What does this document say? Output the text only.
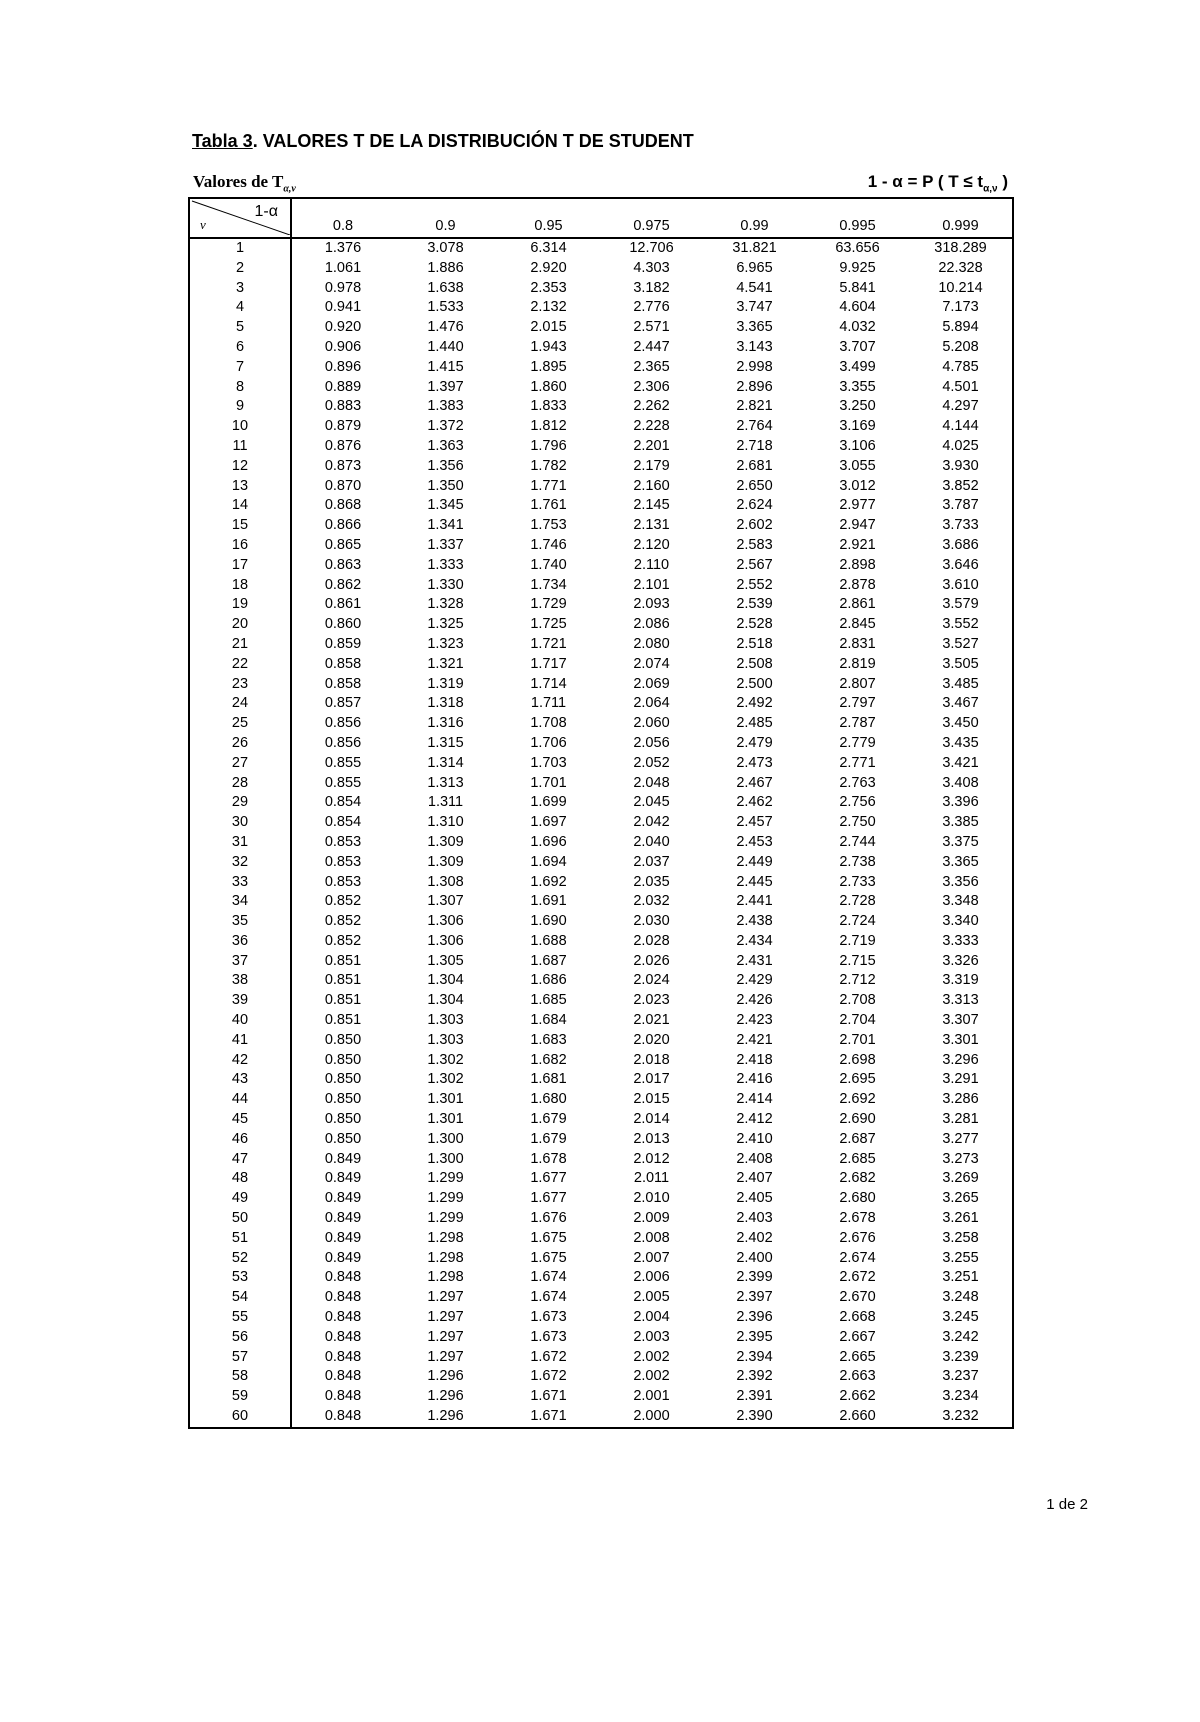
Tabla 3. VALORES T DE LA DISTRIBUCIÓN T DE STUDENT
Valores de $T_{\alpha,\nu}$	1 - α = P ( $T \le t_{\alpha,\nu}$ )
1-α
ν	0.8	0.9	0.95	0.975	0.99	0.995	0.999
1	1.376	3.078	6.314	12.706	31.821	63.656	318.289
2	1.061	1.886	2.920	4.303	6.965	9.925	22.328
3	0.978	1.638	2.353	3.182	4.541	5.841	10.214
4	0.941	1.533	2.132	2.776	3.747	4.604	7.173
5	0.920	1.476	2.015	2.571	3.365	4.032	5.894
6	0.906	1.440	1.943	2.447	3.143	3.707	5.208
7	0.896	1.415	1.895	2.365	2.998	3.499	4.785
8	0.889	1.397	1.860	2.306	2.896	3.355	4.501
9	0.883	1.383	1.833	2.262	2.821	3.250	4.297
10	0.879	1.372	1.812	2.228	2.764	3.169	4.144
11	0.876	1.363	1.796	2.201	2.718	3.106	4.025
12	0.873	1.356	1.782	2.179	2.681	3.055	3.930
13	0.870	1.350	1.771	2.160	2.650	3.012	3.852
14	0.868	1.345	1.761	2.145	2.624	2.977	3.787
15	0.866	1.341	1.753	2.131	2.602	2.947	3.733
16	0.865	1.337	1.746	2.120	2.583	2.921	3.686
17	0.863	1.333	1.740	2.110	2.567	2.898	3.646
18	0.862	1.330	1.734	2.101	2.552	2.878	3.610
19	0.861	1.328	1.729	2.093	2.539	2.861	3.579
20	0.860	1.325	1.725	2.086	2.528	2.845	3.552
21	0.859	1.323	1.721	2.080	2.518	2.831	3.527
22	0.858	1.321	1.717	2.074	2.508	2.819	3.505
23	0.858	1.319	1.714	2.069	2.500	2.807	3.485
24	0.857	1.318	1.711	2.064	2.492	2.797	3.467
25	0.856	1.316	1.708	2.060	2.485	2.787	3.450
26	0.856	1.315	1.706	2.056	2.479	2.779	3.435
27	0.855	1.314	1.703	2.052	2.473	2.771	3.421
28	0.855	1.313	1.701	2.048	2.467	2.763	3.408
29	0.854	1.311	1.699	2.045	2.462	2.756	3.396
30	0.854	1.310	1.697	2.042	2.457	2.750	3.385
31	0.853	1.309	1.696	2.040	2.453	2.744	3.375
32	0.853	1.309	1.694	2.037	2.449	2.738	3.365
33	0.853	1.308	1.692	2.035	2.445	2.733	3.356
34	0.852	1.307	1.691	2.032	2.441	2.728	3.348
35	0.852	1.306	1.690	2.030	2.438	2.724	3.340
36	0.852	1.306	1.688	2.028	2.434	2.719	3.333
37	0.851	1.305	1.687	2.026	2.431	2.715	3.326
38	0.851	1.304	1.686	2.024	2.429	2.712	3.319
39	0.851	1.304	1.685	2.023	2.426	2.708	3.313
40	0.851	1.303	1.684	2.021	2.423	2.704	3.307
41	0.850	1.303	1.683	2.020	2.421	2.701	3.301
42	0.850	1.302	1.682	2.018	2.418	2.698	3.296
43	0.850	1.302	1.681	2.017	2.416	2.695	3.291
44	0.850	1.301	1.680	2.015	2.414	2.692	3.286
45	0.850	1.301	1.679	2.014	2.412	2.690	3.281
46	0.850	1.300	1.679	2.013	2.410	2.687	3.277
47	0.849	1.300	1.678	2.012	2.408	2.685	3.273
48	0.849	1.299	1.677	2.011	2.407	2.682	3.269
49	0.849	1.299	1.677	2.010	2.405	2.680	3.265
50	0.849	1.299	1.676	2.009	2.403	2.678	3.261
51	0.849	1.298	1.675	2.008	2.402	2.676	3.258
52	0.849	1.298	1.675	2.007	2.400	2.674	3.255
53	0.848	1.298	1.674	2.006	2.399	2.672	3.251
54	0.848	1.297	1.674	2.005	2.397	2.670	3.248
55	0.848	1.297	1.673	2.004	2.396	2.668	3.245
56	0.848	1.297	1.673	2.003	2.395	2.667	3.242
57	0.848	1.297	1.672	2.002	2.394	2.665	3.239
58	0.848	1.296	1.672	2.002	2.392	2.663	3.237
59	0.848	1.296	1.671	2.001	2.391	2.662	3.234
60	0.848	1.296	1.671	2.000	2.390	2.660	3.232
1 de 2
